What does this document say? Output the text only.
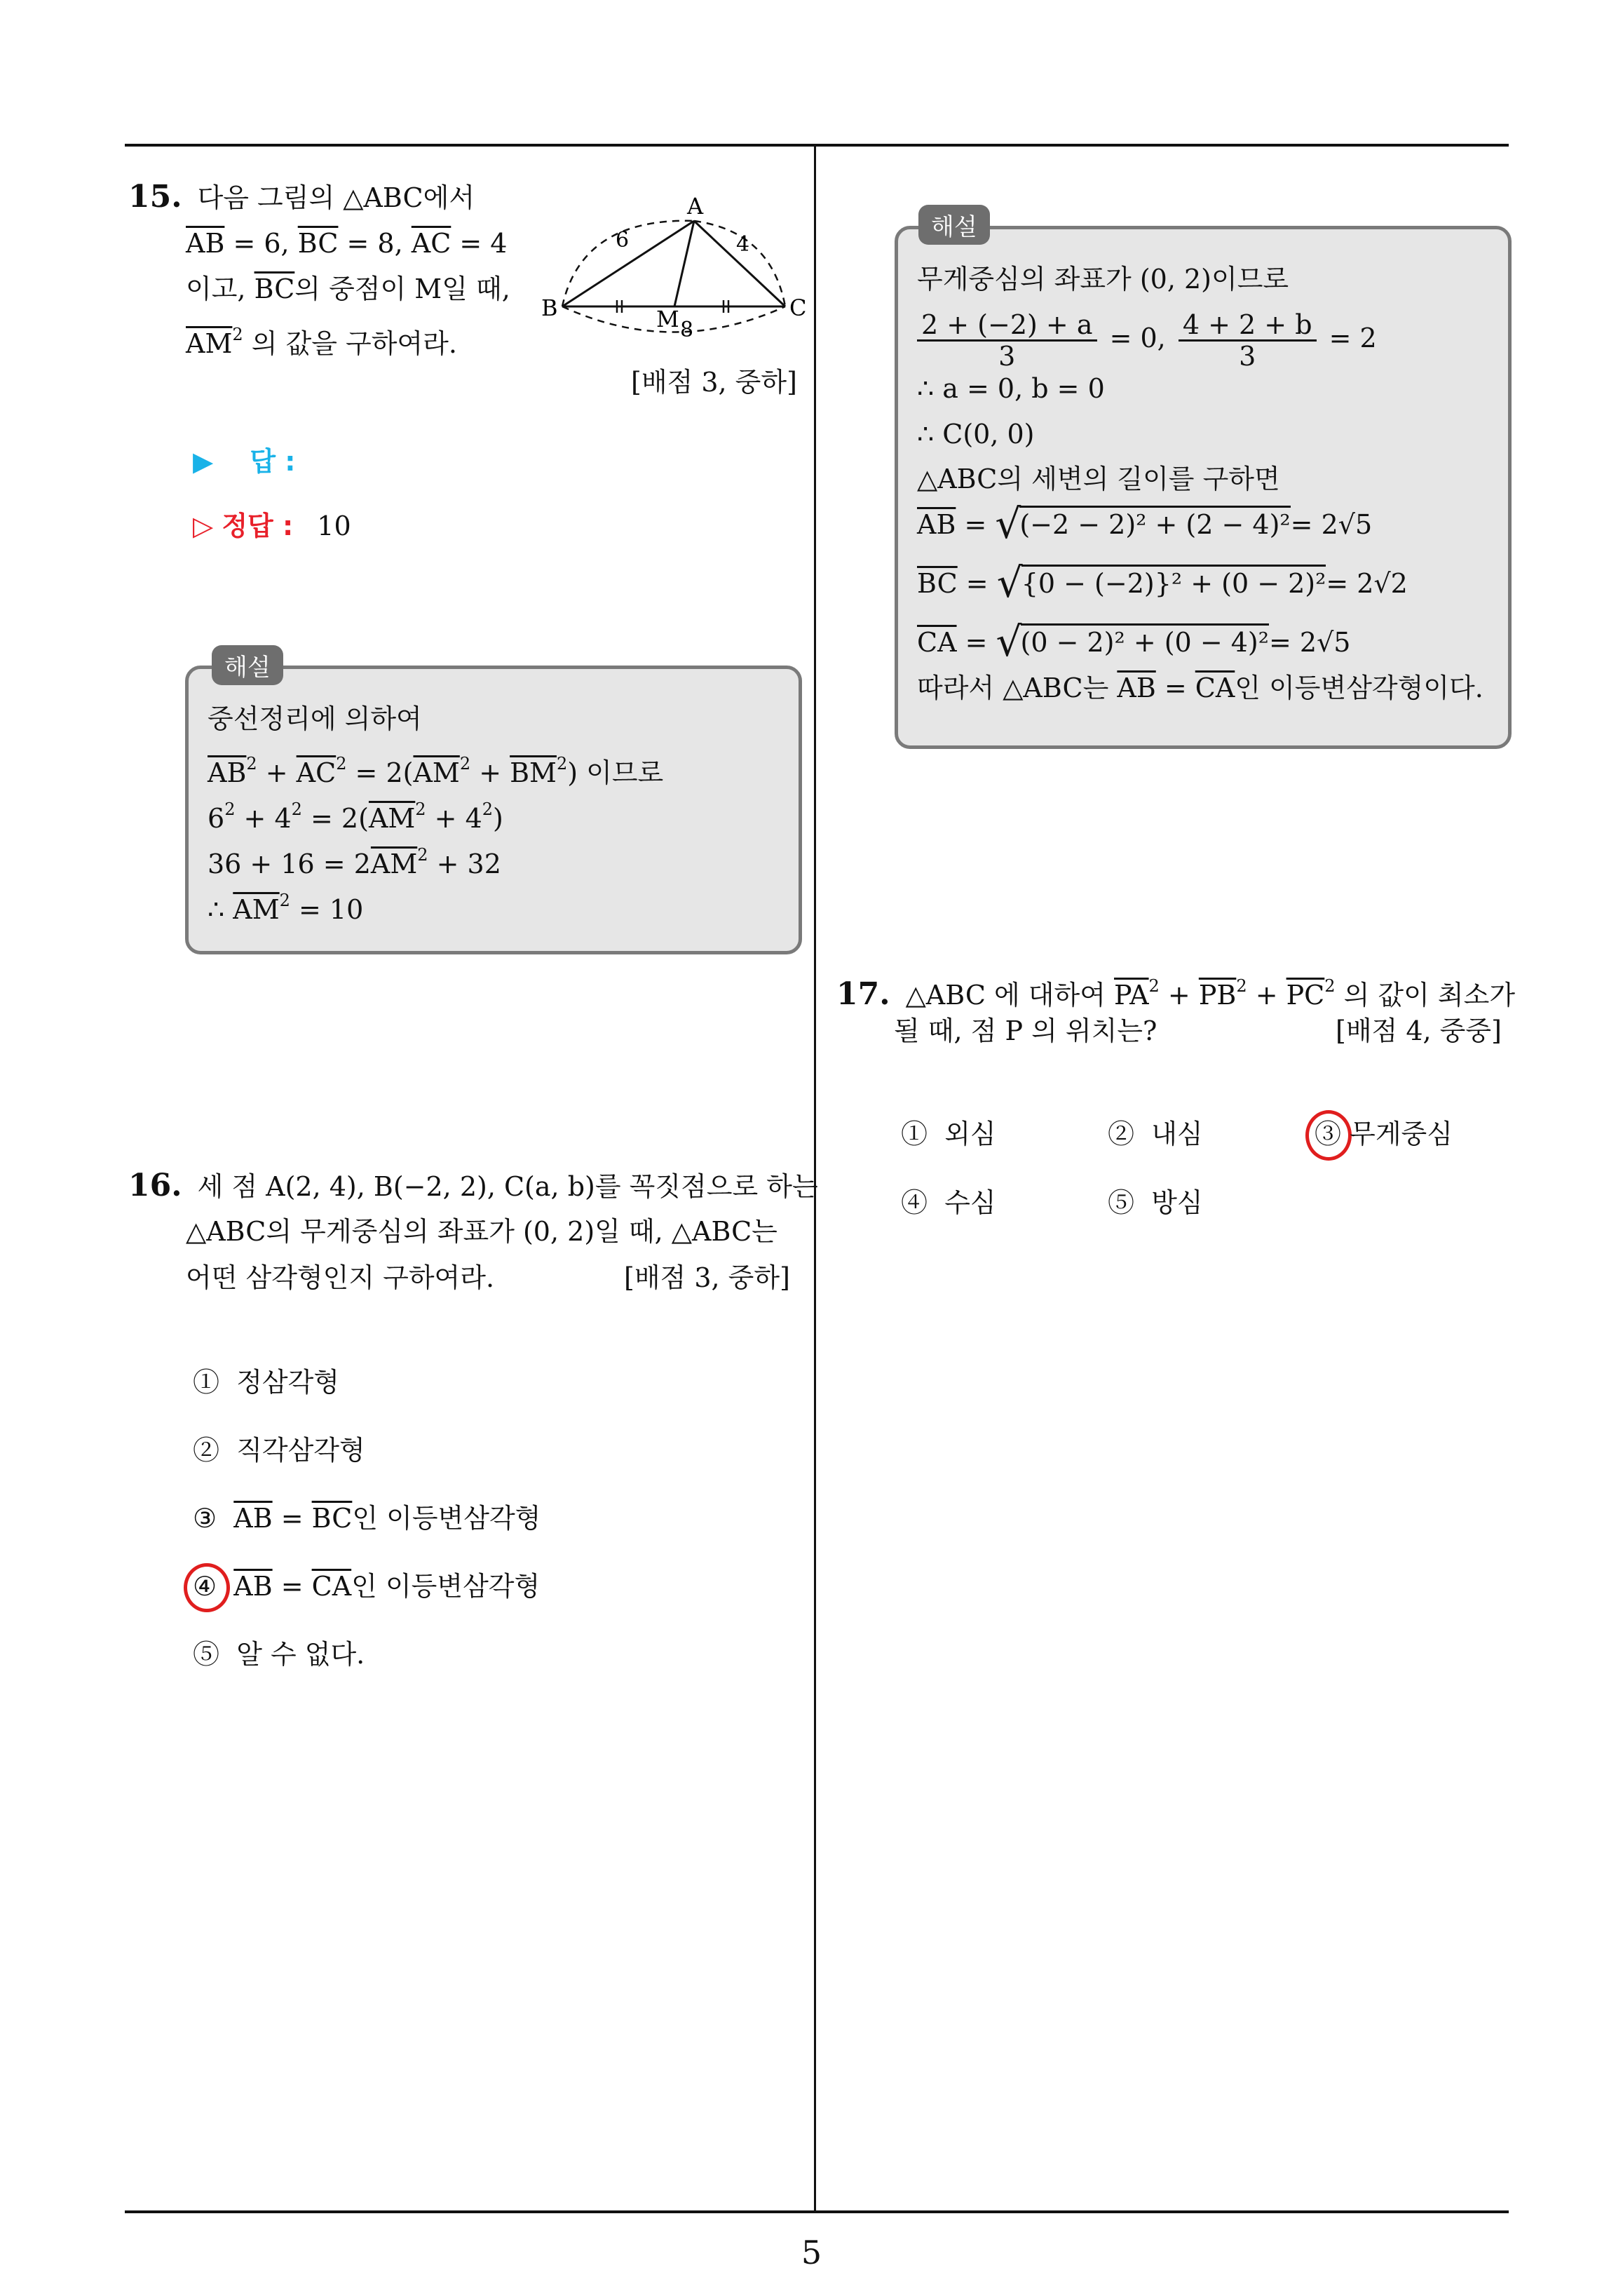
15. 다음 그림의 △ABC에서
$\overline{AB} = 6$, $\overline{BC} = 8$, $\overline{AC} = 4$
이고, $\overline{BC}$의 중점이 M일 때,
$\overline{AM}^2$ 의 값을 구하여라.
[배점 3, 중하]
A
B	C
M
6	4
8
▶ 답 :
▷ 정답 : 10
해설
중선정리에 의하여
$\overline{AB}^2 + \overline{AC}^2 = 2(\overline{AM}^2 + \overline{BM}^2)$ 이므로
$6^2 + 4^2 = 2(\overline{AM}^2 + 4^2)$
$36 + 16 = 2\overline{AM}^2 + 32$
∴ $\overline{AM}^2 = 10$
16. 세 점 A(2, 4), B(−2, 2), C(a, b)를 꼭짓점으로 하는
△ABC의 무게중심의 좌표가 (0, 2)일 때, △ABC는
어떤 삼각형인지 구하여라.	[배점 3, 중하]
① 정삼각형
② 직각삼각형
③ $\overline{AB} = \overline{BC}$인 이등변삼각형
④ $\overline{AB} = \overline{CA}$인 이등변삼각형
⑤ 알 수 없다.
해설
무게중심의 좌표가 (0, 2)이므로
$\frac{2 + (-2) + a}{3} = 0$, $\frac{4 + 2 + b}{3} = 2$
∴ a = 0, b = 0
∴ C(0, 0)
△ABC의 세변의 길이를 구하면
$\overline{AB} = √(-2 - 2)^2 + (2 - 4)^2= 2√5$
$\overline{BC} = √\{0 - (-2)\}^2 + (0 - 2)^2= 2√2$
$\overline{CA} = √(0 - 2)^2 + (0 - 4)^2= 2√5$
따라서 △ABC는 $\overline{AB} = \overline{CA}$인 이등변삼각형이다.
17. △ABC 에 대하여 $\overline{PA}^2 + \overline{PB}^2 + \overline{PC}^2$ 의 값이 최소가
될 때, 점 P 의 위치는?	[배점 4, 중중]
① 외심	② 내심	③ 무게중심
④ 수심	⑤ 방심
5
